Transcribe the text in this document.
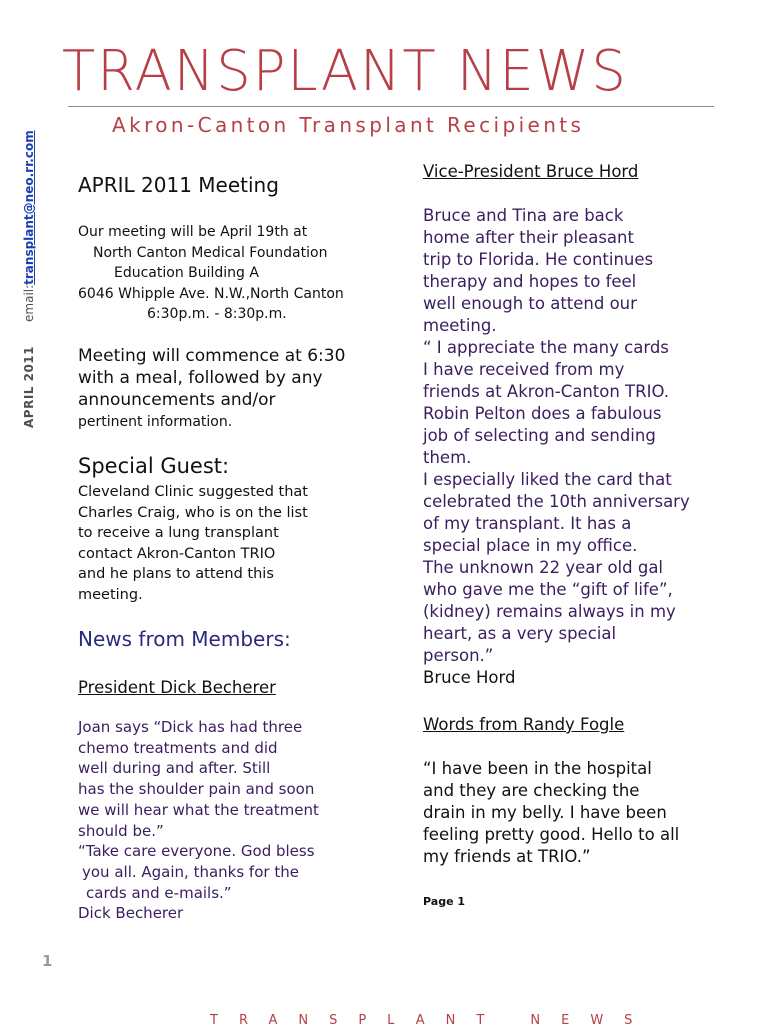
TRANSPLANT NEWS
Akron-Canton Transplant Recipients
APRIL 2011email:transplant@neo.rr.com APRIL 2011 Meeting
Our meeting will be April 19th at
North Canton Medical Foundation
Education Building A
6046 Whipple Ave. N.W.,North Canton
6:30p.m. - 8:30p.m.
Meeting will commence at 6:30
with a meal, followed by any
announcements and/or
pertinent information.
Special Guest:
Cleveland Clinic suggested that
Charles Craig, who is on the list
to receive a lung transplant
contact Akron-Canton TRIO
and he plans to attend this
meeting.
News from Members:
President Dick Becherer
Joan says “Dick has had three
chemo treatments and did
well during and after. Still
has the shoulder pain and soon
we will hear what the treatment
should be.”
“Take care everyone. God bless
you all. Again, thanks for the
cards and e-mails.”
Dick Becherer
Vice-President Bruce Hord
Bruce and Tina are back
home after their pleasant
trip to Florida. He continues
therapy and hopes to feel
well enough to attend our
meeting.
“ I appreciate the many cards
I have received from my
friends at Akron-Canton TRIO.
Robin Pelton does a fabulous
job of selecting and sending
them.
I especially liked the card that
celebrated the 10th anniversary
of my transplant. It has a
special place in my office.
The unknown 22 year old gal
who gave me the “gift of life”,
(kidney) remains always in my
heart, as a very special
person.”
Bruce Hord
Words from Randy Fogle
“I have been in the hospital
and they are checking the
drain in my belly. I have been
feeling pretty good. Hello to all
my friends at TRIO.”
Page 1
1
TRANSPLANT NEWS
